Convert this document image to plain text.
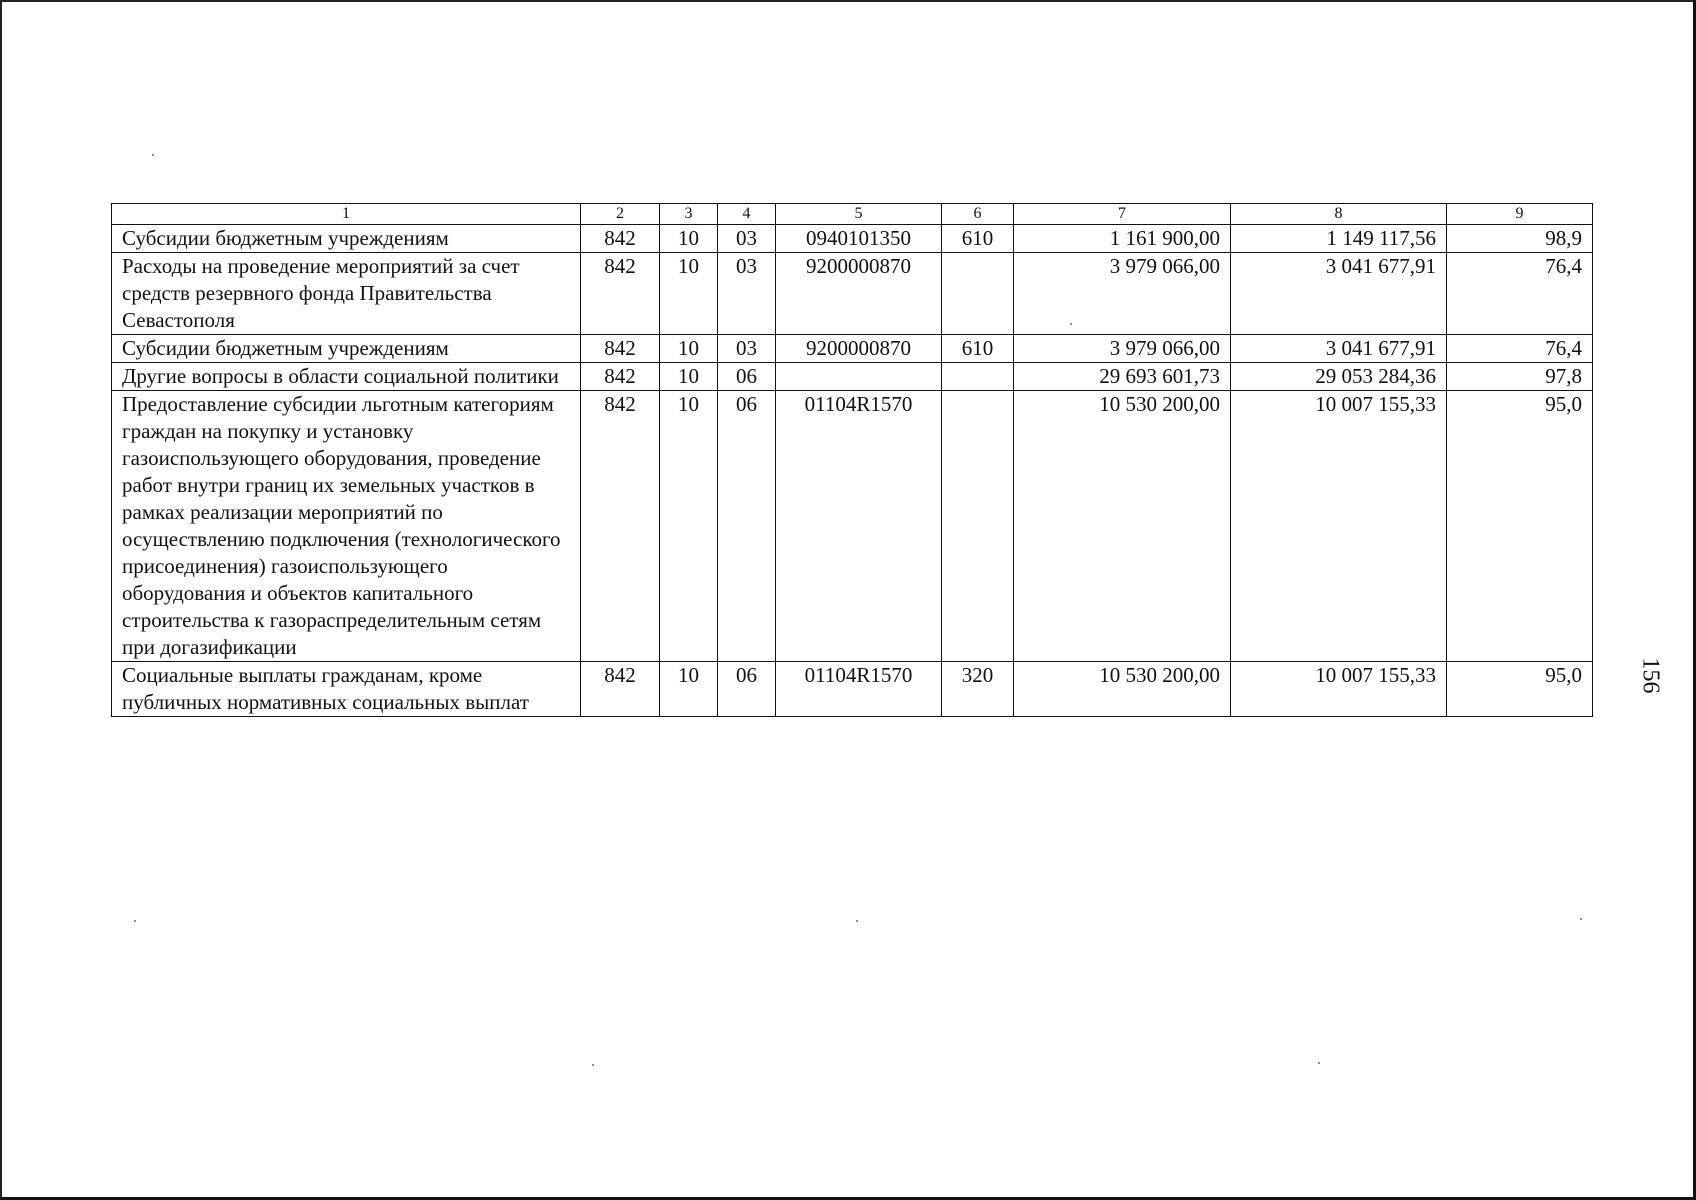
1	2	3	4	5	6	7	8	9
Субсидии бюджетным учреждениям	842	10	03	0940101350	610	1 161 900,00	1 149 117,56	98,9
Расходы на проведение мероприятий за счет средств резервного фонда Правительства Севастополя	842	10	03	9200000870		3 979 066,00	3 041 677,91	76,4
Субсидии бюджетным учреждениям	842	10	03	9200000870	610	3 979 066,00	3 041 677,91	76,4
Другие вопросы в области социальной политики	842	10	06			29 693 601,73	29 053 284,36	97,8
Предоставление субсидии льготным категориям граждан на покупку и установку газоиспользующего оборудования, проведение работ внутри границ их земельных участков в рамках реализации мероприятий по осуществлению подключения (технологического присоединения) газоиспользующего оборудования и объектов капитального строительства к газораспределительным сетям при догазификации	842	10	06	01104R1570		10 530 200,00	10 007 155,33	95,0
Социальные выплаты гражданам, кроме публичных нормативных социальных выплат	842	10	06	01104R1570	320	10 530 200,00	10 007 155,33	95,0 156
